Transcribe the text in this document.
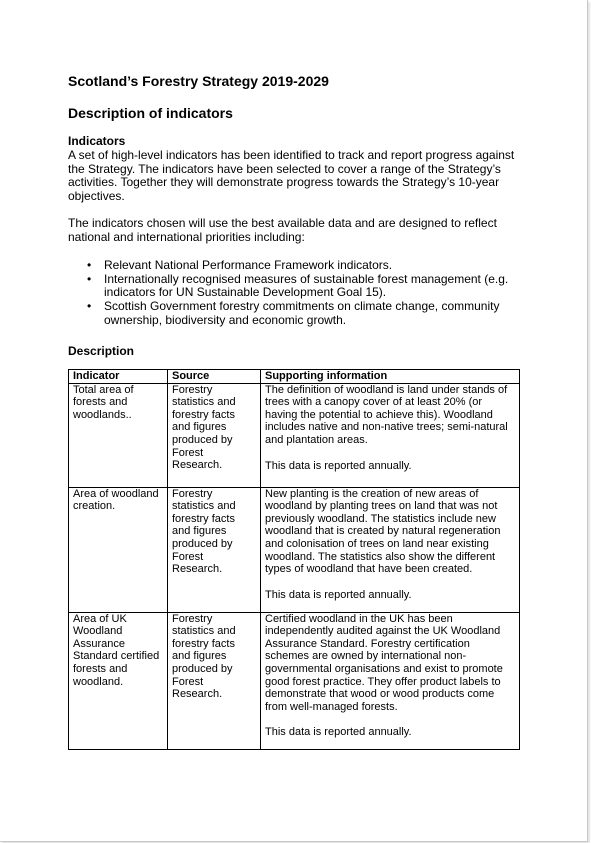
Scotland’s Forestry Strategy 2019-2029
Description of indicators
Indicators

A set of high-level indicators has been identified to track and report progress against the Strategy. The indicators have been selected to cover a range of the Strategy’s activities. Together they will demonstrate progress towards the Strategy’s 10-year objectives.

The indicators chosen will use the best available data and are designed to reflect national and international priorities including:

• Relevant National Performance Framework indicators.
• Internationally recognised measures of sustainable forest management (e.g. indicators for UN Sustainable Development Goal 15).
• Scottish Government forestry commitments on climate change, community ownership, biodiversity and economic growth.
Description
Indicator	Source	Supporting information
Total area of forests and woodlands..	Forestry statistics and forestry facts and figures produced by Forest Research.	The definition of woodland is land under stands of trees with a canopy cover of at least 20% (or having the potential to achieve this). Woodland includes native and non-native trees; semi-natural and plantation areas.
This data is reported annually.

Area of woodland creation.	Forestry statistics and forestry facts and figures produced by Forest Research.	New planting is the creation of new areas of woodland by planting trees on land that was not previously woodland. The statistics include new woodland that is created by natural regeneration and colonisation of trees on land near existing woodland. The statistics also show the different types of woodland that have been created.
This data is reported annually.

Area of UK Woodland Assurance Standard certified forests and woodland.	Forestry statistics and forestry facts and figures produced by Forest Research.	Certified woodland in the UK has been independently audited against the UK Woodland Assurance Standard. Forestry certification schemes are owned by international non-governmental organisations and exist to promote good forest practice. They offer product labels to demonstrate that wood or wood products come from well-managed forests.
This data is reported annually.
